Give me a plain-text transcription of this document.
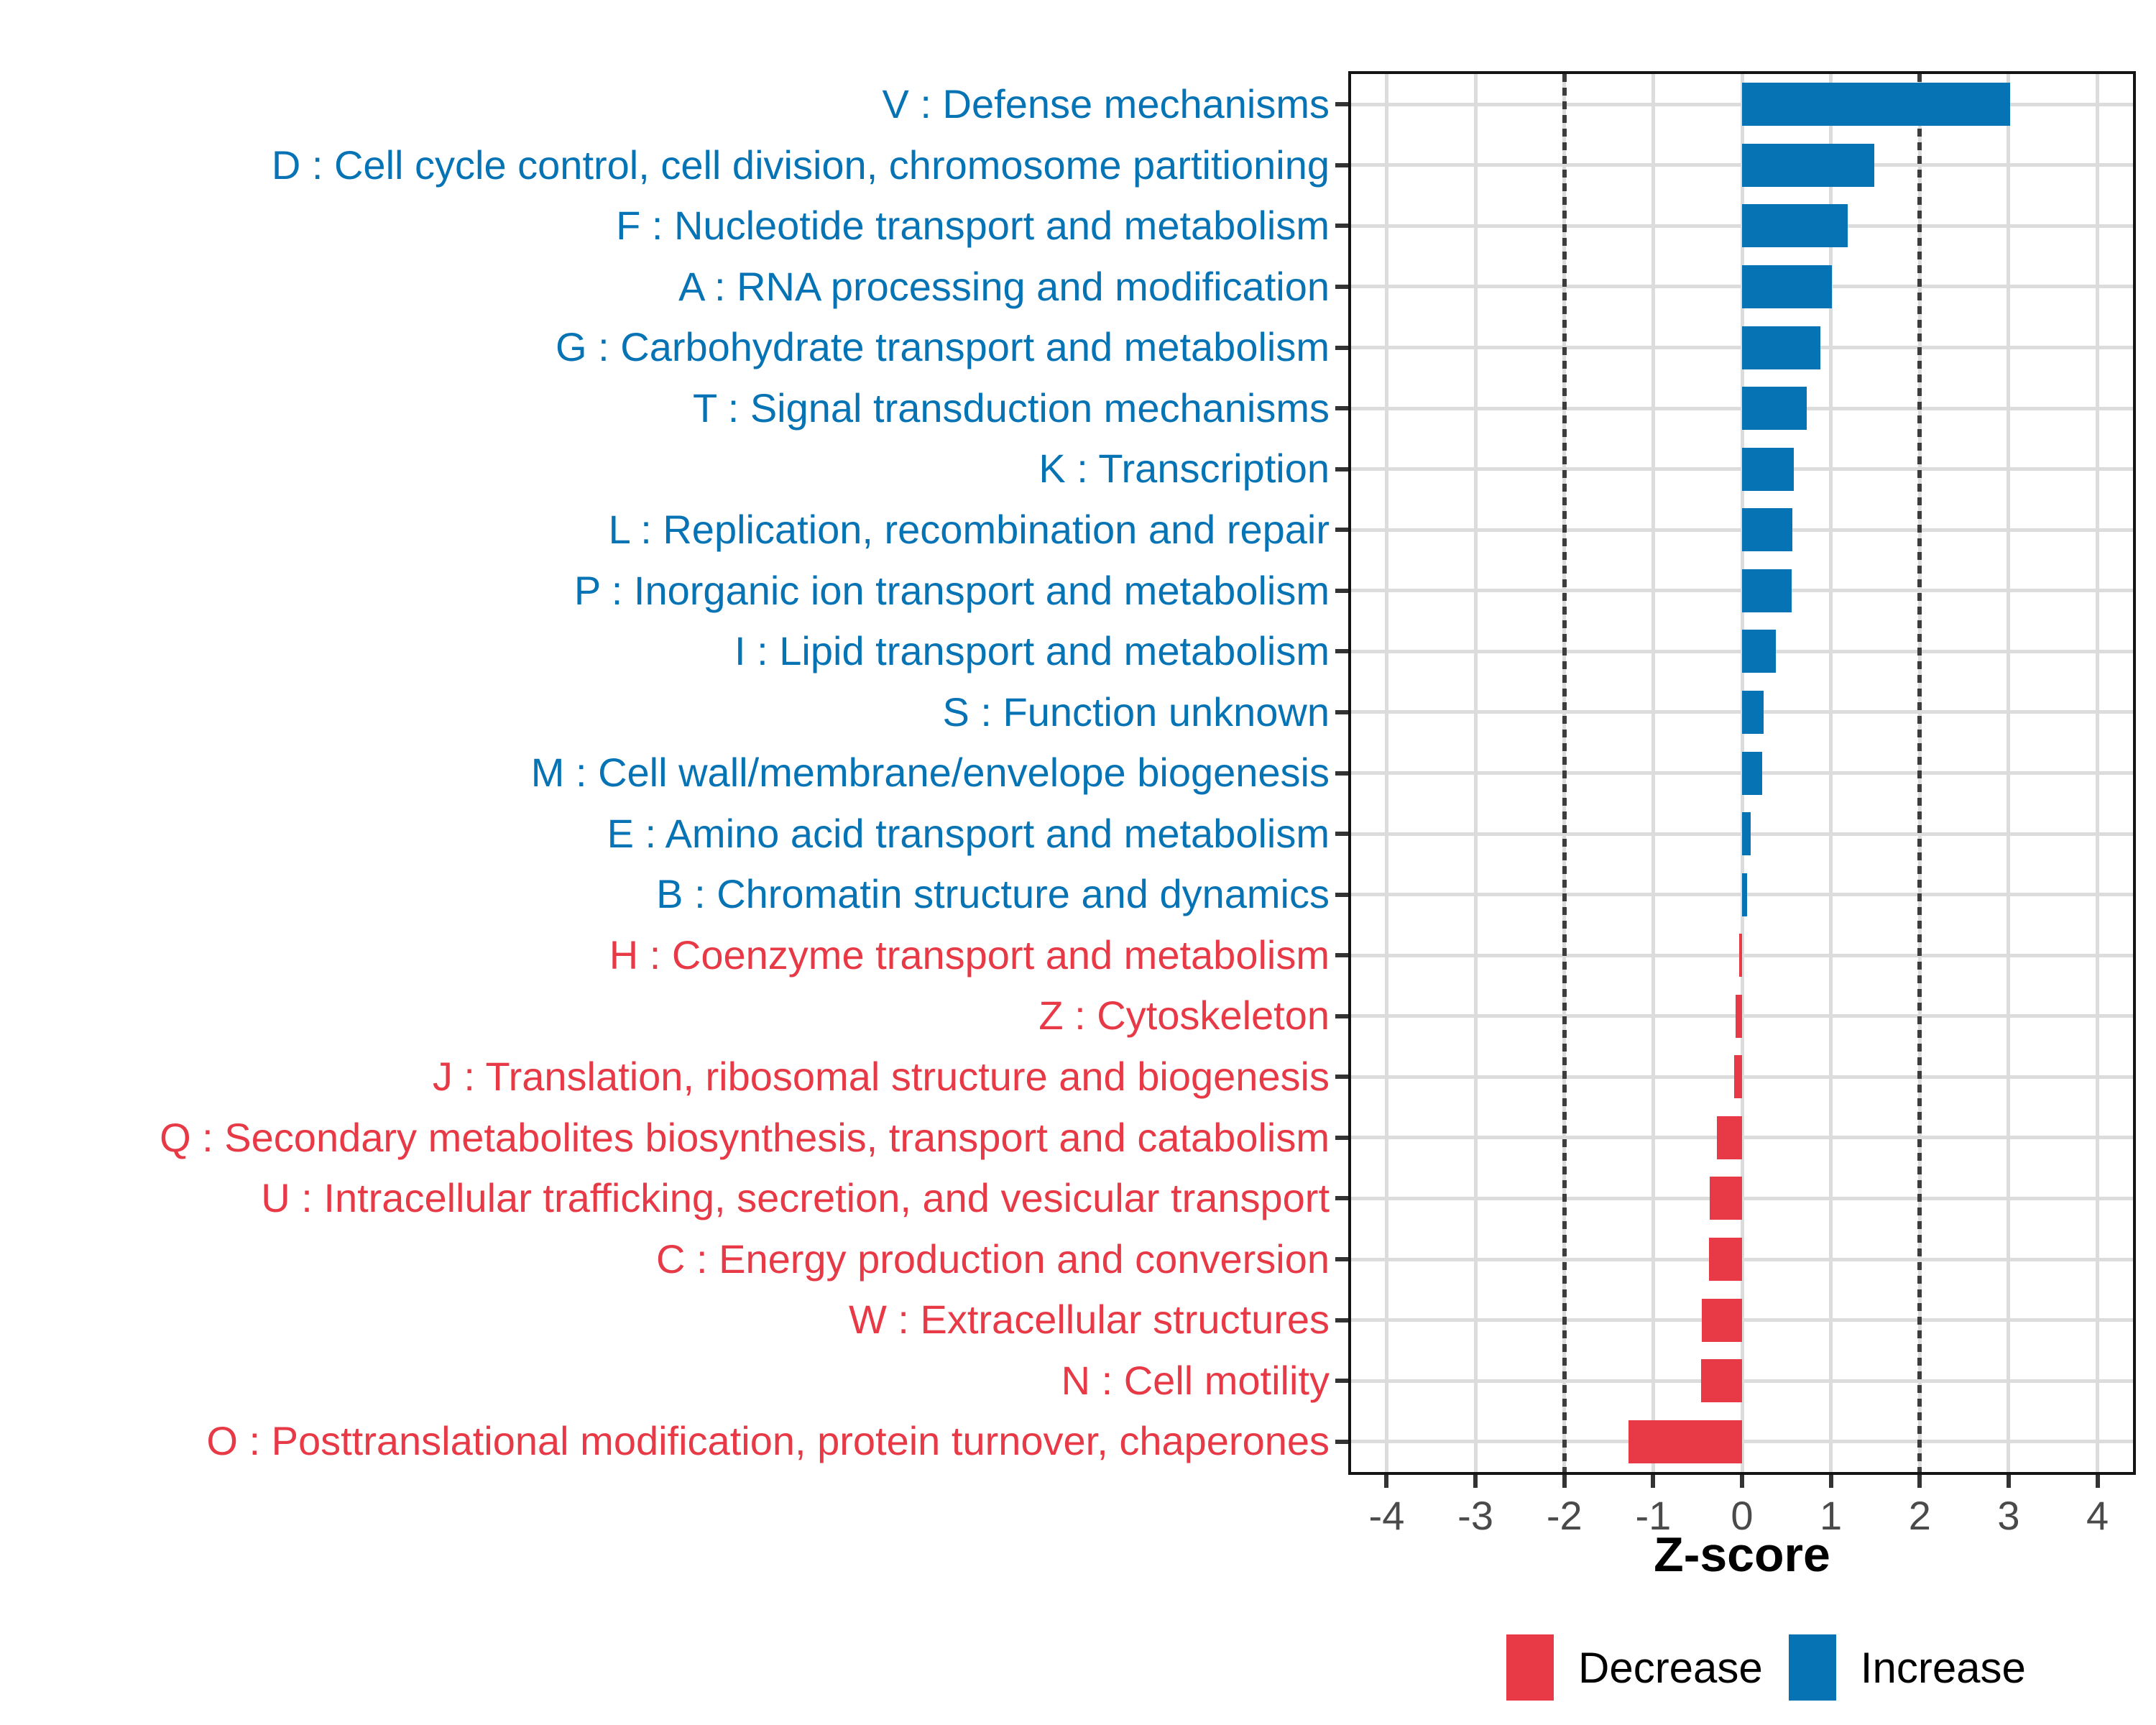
V : Defense mechanisms
D : Cell cycle control, cell division, chromosome partitioning
F : Nucleotide transport and metabolism
A : RNA processing and modification
G : Carbohydrate transport and metabolism
T : Signal transduction mechanisms
K : Transcription
L : Replication, recombination and repair
P : Inorganic ion transport and metabolism
I : Lipid transport and metabolism
S : Function unknown
M : Cell wall/membrane/envelope biogenesis
E : Amino acid transport and metabolism
B : Chromatin structure and dynamics
H : Coenzyme transport and metabolism
Z : Cytoskeleton
J : Translation, ribosomal structure and biogenesis
Q : Secondary metabolites biosynthesis, transport and catabolism
U : Intracellular trafficking, secretion, and vesicular transport
C : Energy production and conversion
W : Extracellular structures
N : Cell motility
O : Posttranslational modification, protein turnover, chaperones
-4	-3	-2	-1	0	1	2	3	4
Z-score
Decrease Increase
